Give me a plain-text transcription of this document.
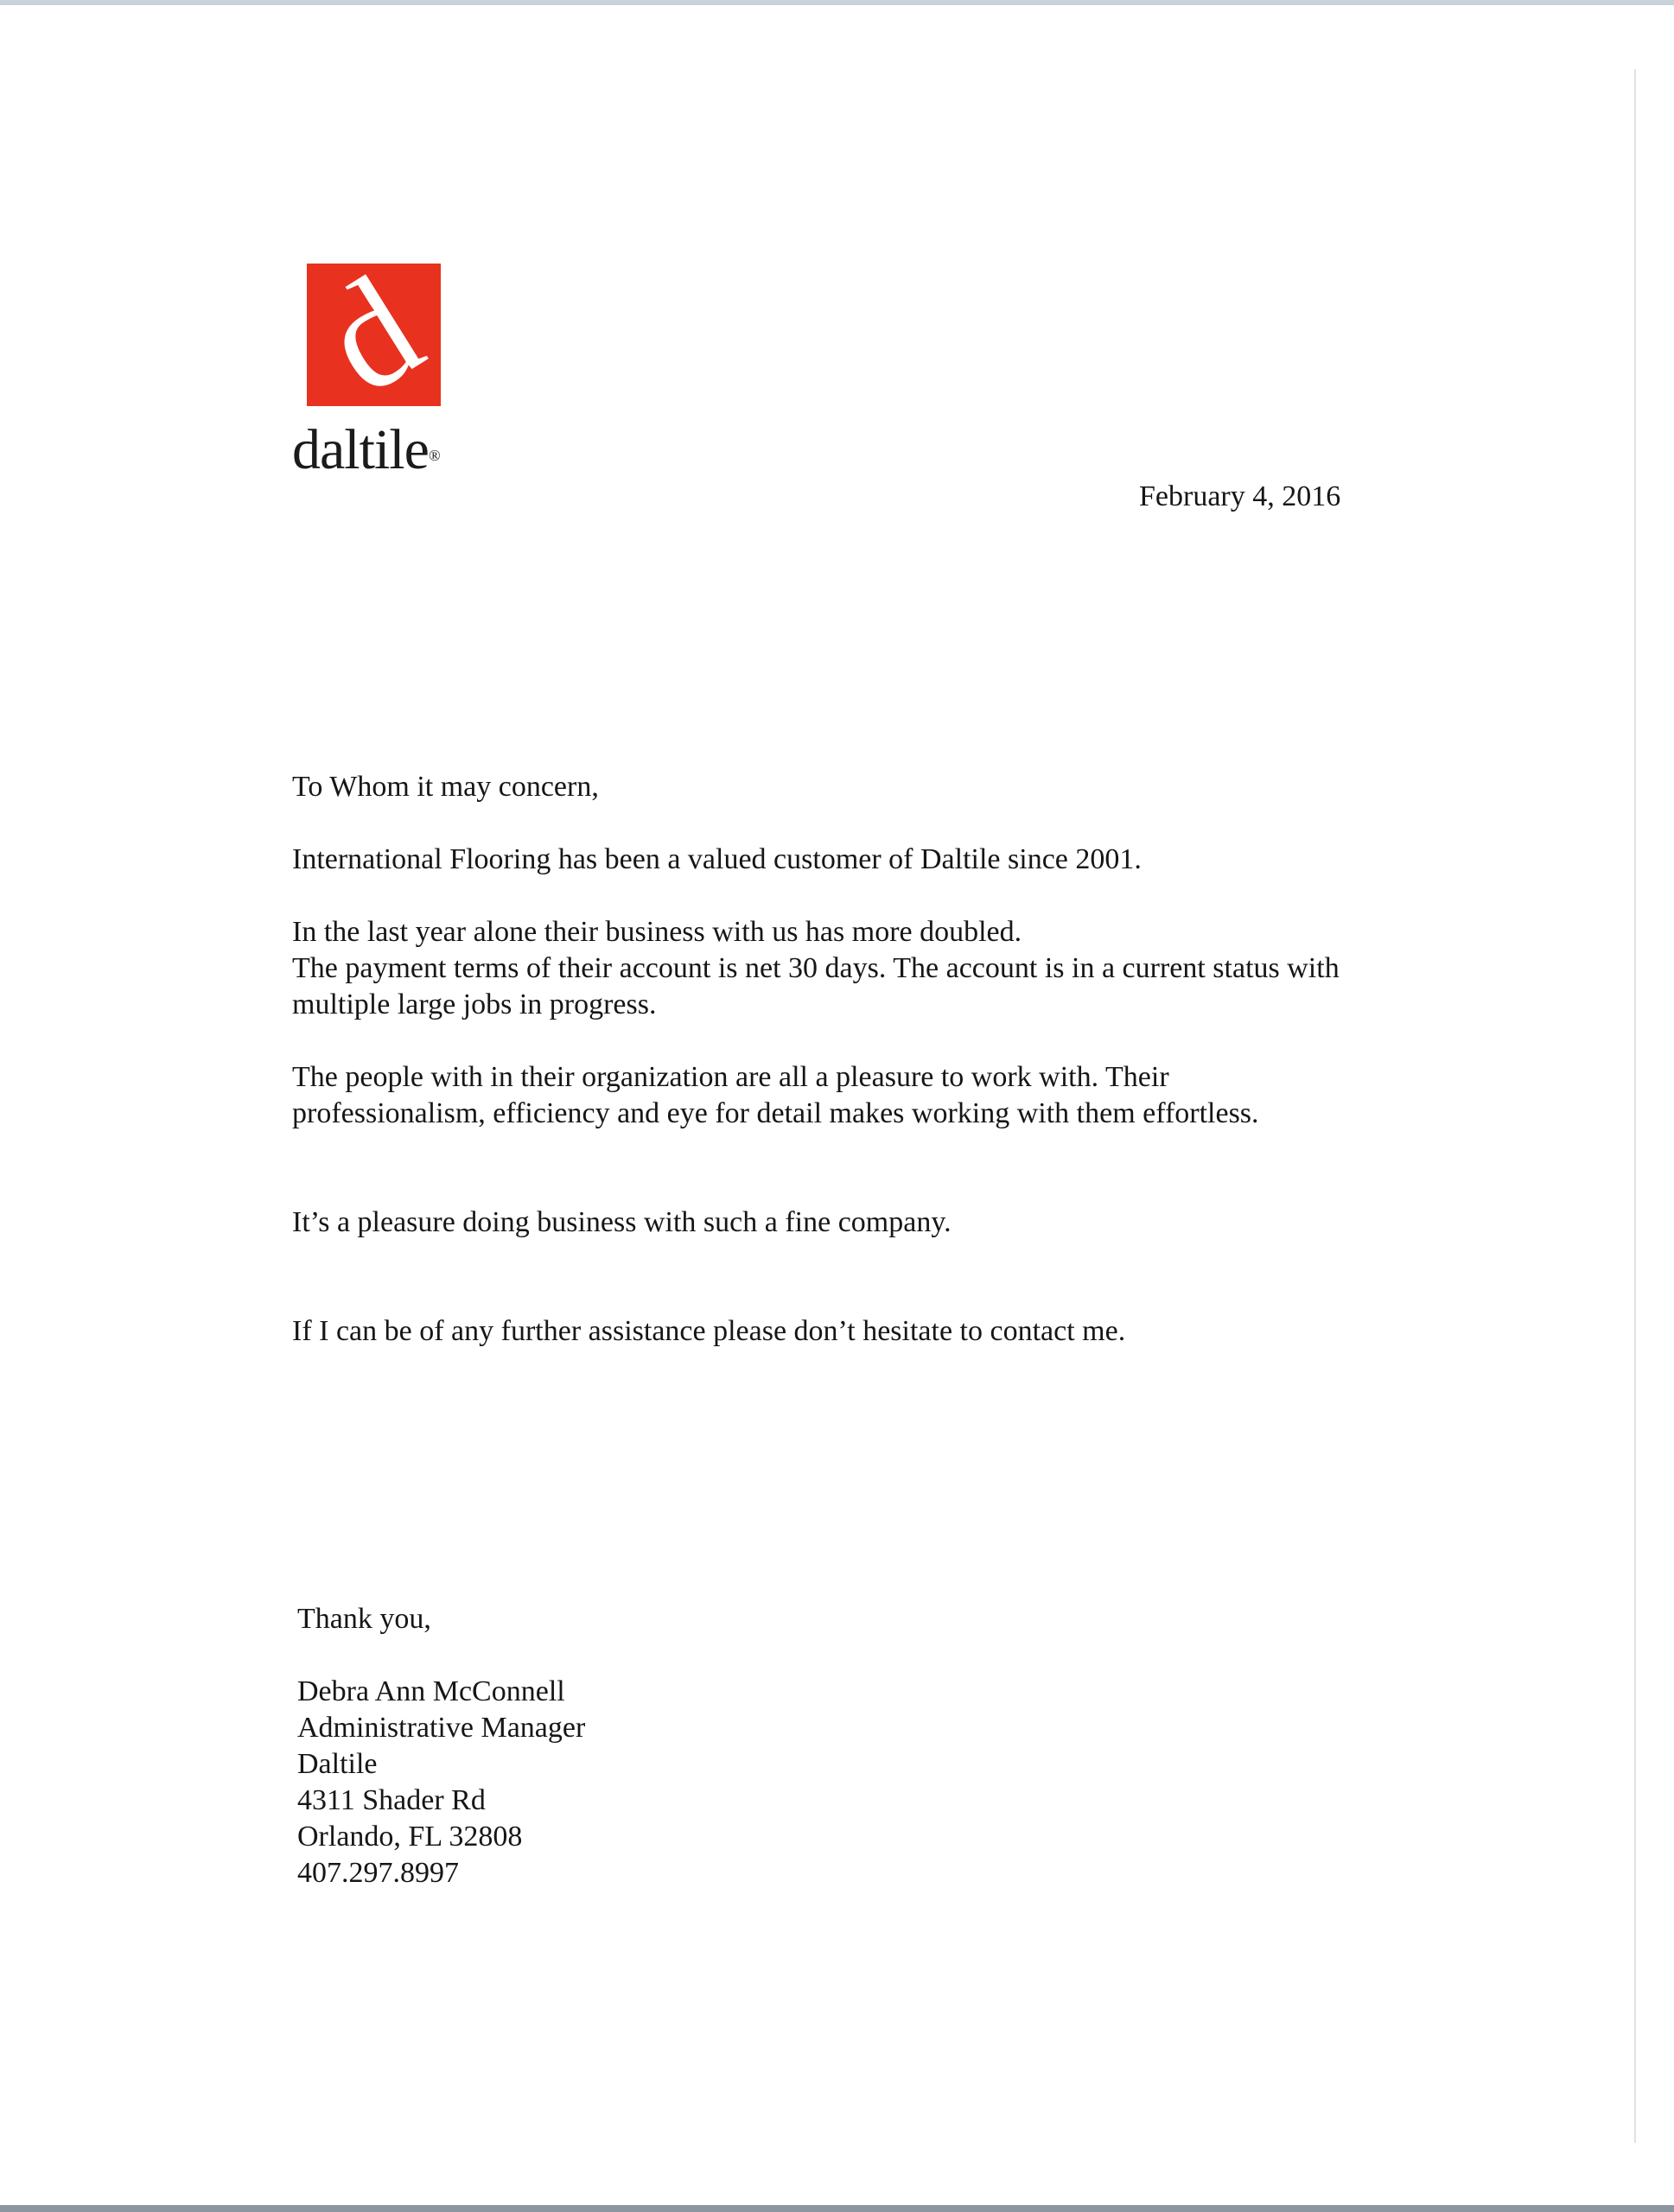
d
daltile®
February 4, 2016
To Whom it may concern,
International Flooring has been a valued customer of Daltile since 2001.
In the last year alone their business with us has more doubled.
The payment terms of their account is net 30 days. The account is in a current status with
multiple large jobs in progress.
The people with in their organization are all a pleasure to work with. Their
professionalism, efficiency and eye for detail makes working with them effortless.
It’s a pleasure doing business with such a fine company.
If I can be of any further assistance please don’t hesitate to contact me.
Thank you,
Debra Ann McConnell
Administrative Manager
Daltile
4311 Shader Rd
Orlando, FL 32808
407.297.8997
